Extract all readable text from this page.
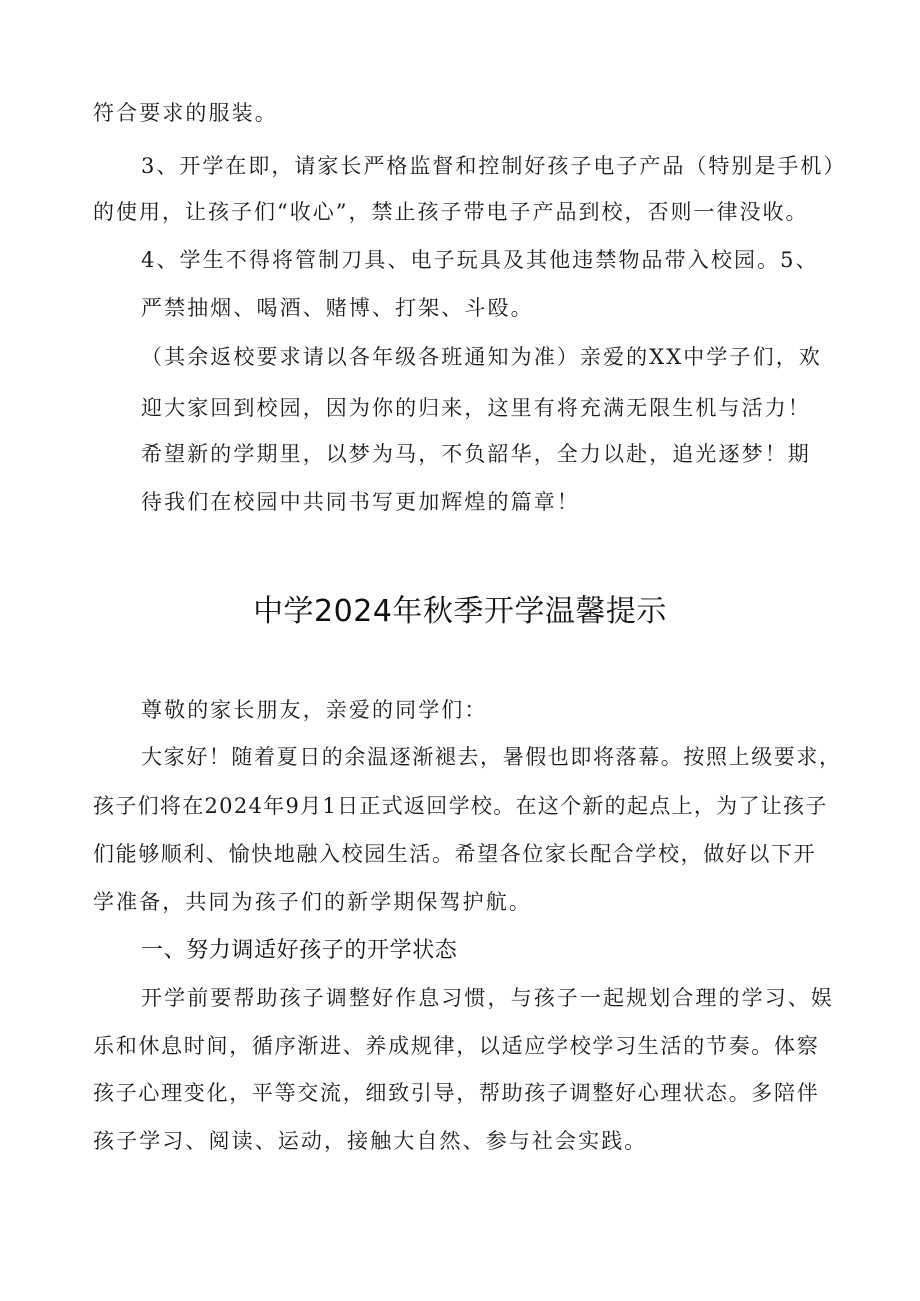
符合要求的服装。
3、开学在即，请家长严格监督和控制好孩子电子产品（特别是手机）
的使用，让孩子们“收心”，禁止孩子带电子产品到校，否则一律没收。
4、学生不得将管制刀具、电子玩具及其他违禁物品带入校园。5、
严禁抽烟、喝酒、赌博、打架、斗殴。
（其余返校要求请以各年级各班通知为准）亲爱的XX中学子们，欢
迎大家回到校园，因为你的归来，这里有将充满无限生机与活力！
希望新的学期里，以梦为马，不负韶华，全力以赴，追光逐梦！期
待我们在校园中共同书写更加辉煌的篇章！
中学2024年秋季开学温馨提示
尊敬的家长朋友，亲爱的同学们：
大家好！随着夏日的余温逐渐褪去，暑假也即将落幕。按照上级要求，
孩子们将在2024年9月1日正式返回学校。在这个新的起点上，为了让孩子
们能够顺利、愉快地融入校园生活。希望各位家长配合学校，做好以下开
学准备，共同为孩子们的新学期保驾护航。
一、努力调适好孩子的开学状态
开学前要帮助孩子调整好作息习惯，与孩子一起规划合理的学习、娱
乐和休息时间，循序渐进、养成规律，以适应学校学习生活的节奏。体察
孩子心理变化，平等交流，细致引导，帮助孩子调整好心理状态。多陪伴
孩子学习、阅读、运动，接触大自然、参与社会实践。
